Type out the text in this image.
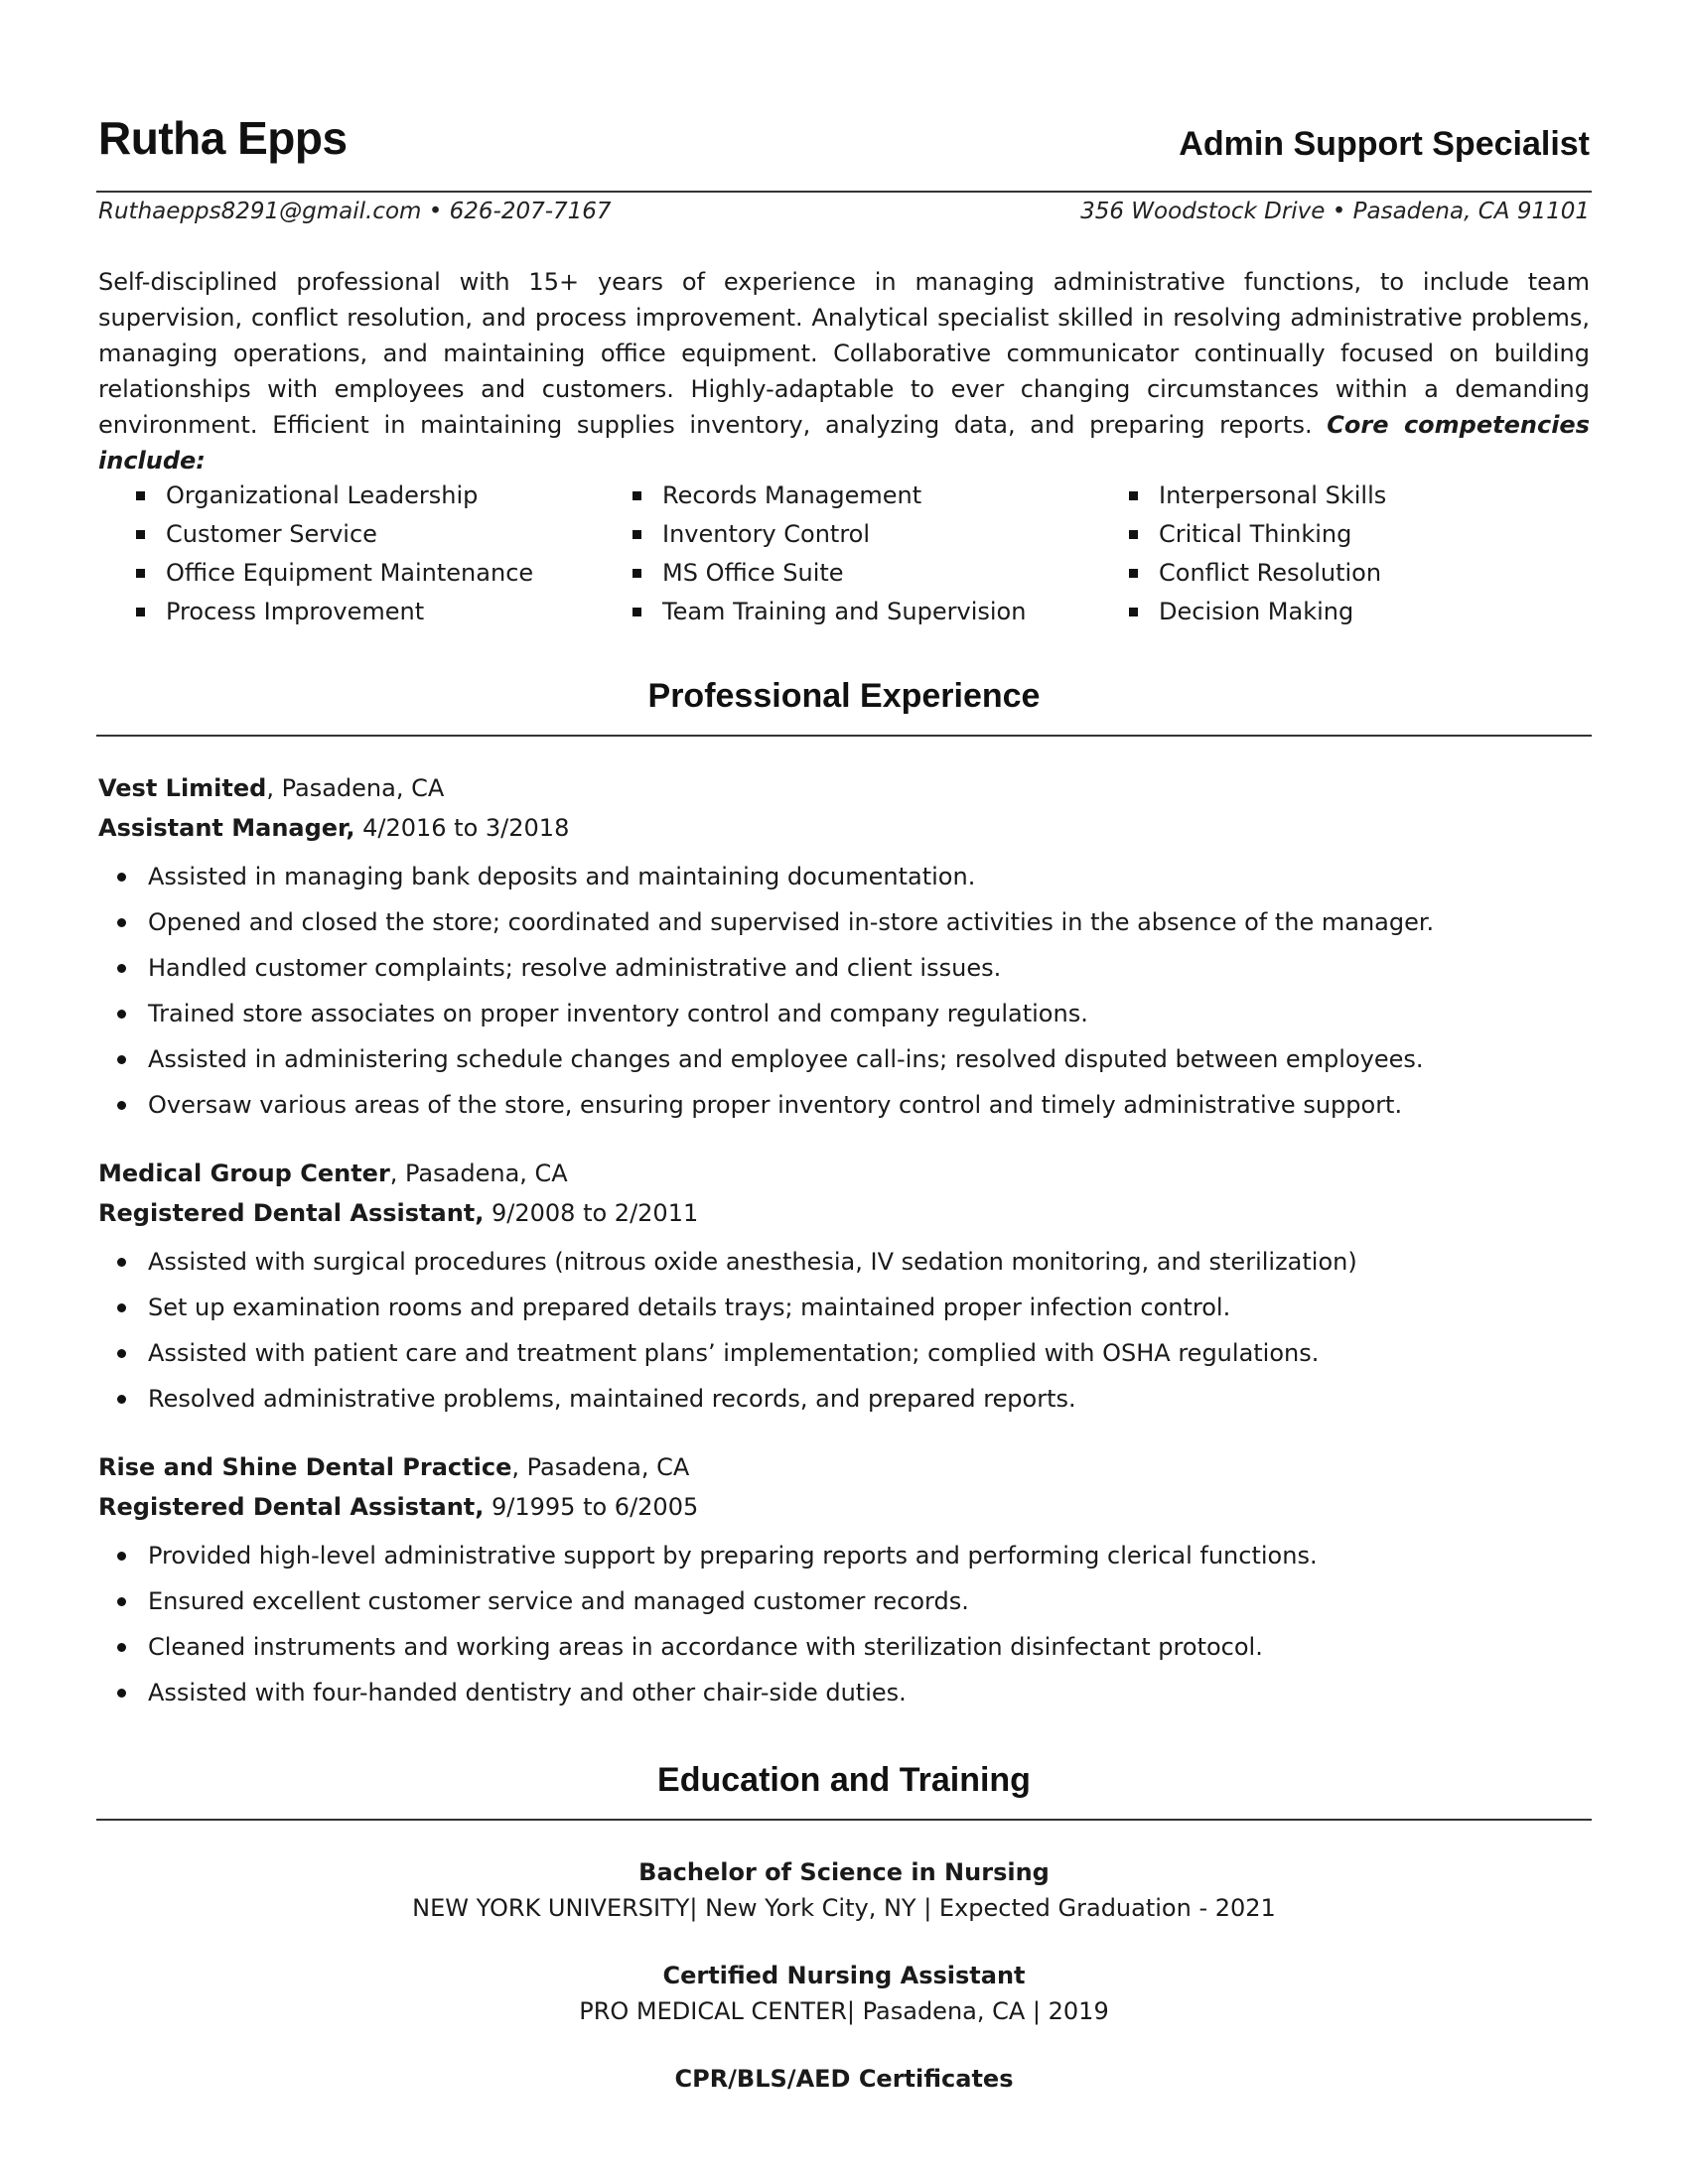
Rutha Epps	Admin Support Specialist
Ruthaepps8291@gmail.com • 626-207-7167	356 Woodstock Drive • Pasadena, CA 91101
Self-disciplined professional with 15+ years of experience in managing administrative functions, to include team supervision, conflict resolution, and process improvement. Analytical specialist skilled in resolving administrative problems, managing operations, and maintaining office equipment. Collaborative communicator continually focused on building relationships with employees and customers. Highly-adaptable to ever changing circumstances within a demanding environment. Efficient in maintaining supplies inventory, analyzing data, and preparing reports. Core competencies include:
Organizational Leadership
Customer Service
Office Equipment Maintenance
Process Improvement
Records Management
Inventory Control
MS Office Suite
Team Training and Supervision
Interpersonal Skills
Critical Thinking
Conflict Resolution
Decision Making
Professional Experience
Vest Limited, Pasadena, CA
Assistant Manager, 4/2016 to 3/2018
Assisted in managing bank deposits and maintaining documentation.
Opened and closed the store; coordinated and supervised in-store activities in the absence of the manager.
Handled customer complaints; resolve administrative and client issues.
Trained store associates on proper inventory control and company regulations.
Assisted in administering schedule changes and employee call-ins; resolved disputed between employees.
Oversaw various areas of the store, ensuring proper inventory control and timely administrative support.
Medical Group Center, Pasadena, CA
Registered Dental Assistant, 9/2008 to 2/2011
Assisted with surgical procedures (nitrous oxide anesthesia, IV sedation monitoring, and sterilization)
Set up examination rooms and prepared details trays; maintained proper infection control.
Assisted with patient care and treatment plans’ implementation; complied with OSHA regulations.
Resolved administrative problems, maintained records, and prepared reports.
Rise and Shine Dental Practice, Pasadena, CA
Registered Dental Assistant, 9/1995 to 6/2005
Provided high-level administrative support by preparing reports and performing clerical functions.
Ensured excellent customer service and managed customer records.
Cleaned instruments and working areas in accordance with sterilization disinfectant protocol.
Assisted with four-handed dentistry and other chair-side duties.
Education and Training
Bachelor of Science in Nursing
NEW YORK UNIVERSITY| New York City, NY | Expected Graduation - 2021
Certified Nursing Assistant
PRO MEDICAL CENTER| Pasadena, CA | 2019
CPR/BLS/AED Certificates
